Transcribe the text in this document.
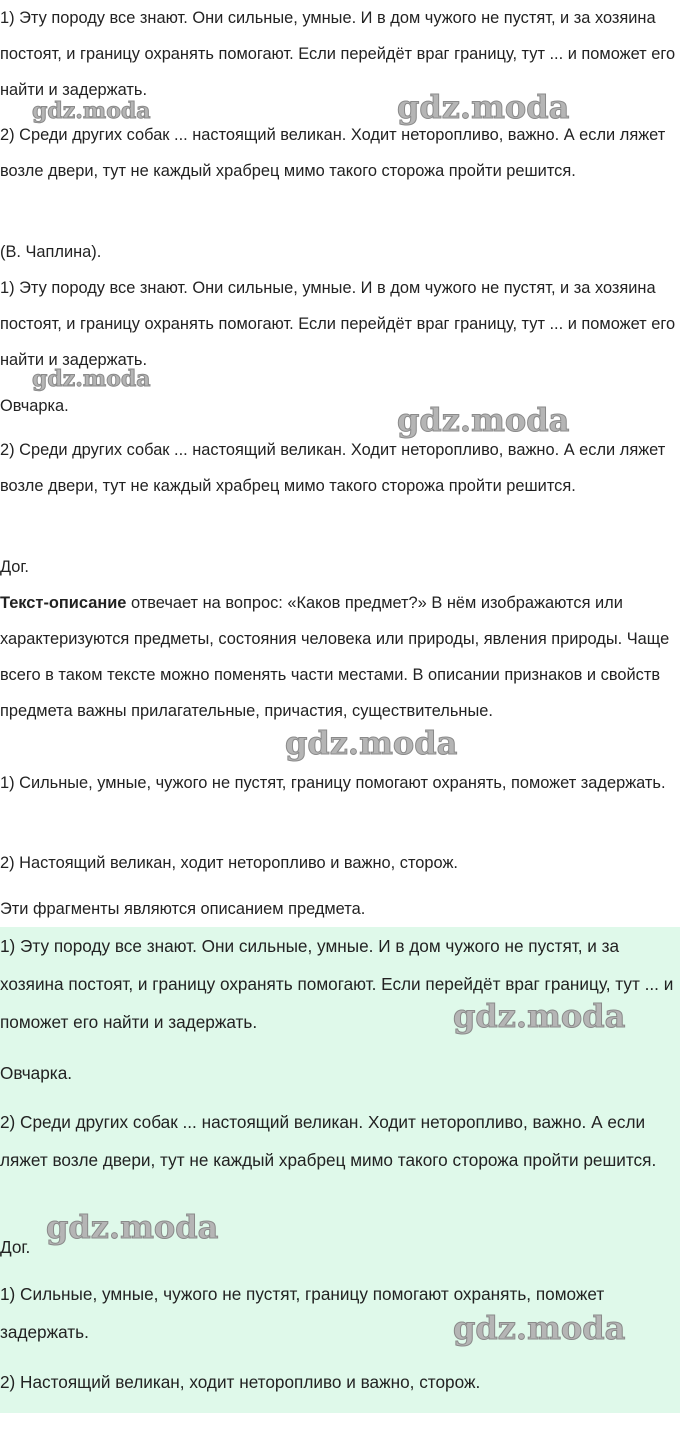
1) Эту породу все знают. Они сильные, умные. И в дом чужого не пустят, и за хозяина постоят, и границу охранять помогают. Если перейдёт враг границу, тут ... и поможет его найти и задержать.

2) Среди других собак ... настоящий великан. Ходит неторопливо, важно. А если ляжет возле двери, тут не каждый храбрец мимо такого сторожа пройти решится.

(В. Чаплина).

1) Эту породу все знают. Они сильные, умные. И в дом чужого не пустят, и за хозяина постоят, и границу охранять помогают. Если перейдёт враг границу, тут ... и поможет его найти и задержать.

Овчарка.

2) Среди других собак ... настоящий великан. Ходит неторопливо, важно. А если ляжет возле двери, тут не каждый храбрец мимо такого сторожа пройти решится.

Дог.

Текст-описание отвечает на вопрос: «Каков предмет?» В нём изображаются или характеризуются предметы, состояния человека или природы, явления природы. Чаще всего в таком тексте можно поменять части местами. В описании признаков и свойств предмета важны прилагательные, причастия, существительные.

1) Сильные, умные, чужого не пустят, границу помогают охранять, поможет задержать.

2) Настоящий великан, ходит неторопливо и важно, сторож.

Эти фрагменты являются описанием предмета.

1) Эту породу все знают. Они сильные, умные. И в дом чужого не пустят, и за хозяина постоят, и границу охранять помогают. Если перейдёт враг границу, тут ... и поможет его найти и задержать.

Овчарка.

2) Среди других собак ... настоящий великан. Ходит неторопливо, важно. А если ляжет возле двери, тут не каждый храбрец мимо такого сторожа пройти решится.

Дог.

1) Сильные, умные, чужого не пустят, границу помогают охранять, поможет задержать.

2) Настоящий великан, ходит неторопливо и важно, сторож.

gdz.moda	gdz.moda
gdz.moda
gdz.moda
gdz.moda
gdz.moda
gdz.moda
gdz.moda
